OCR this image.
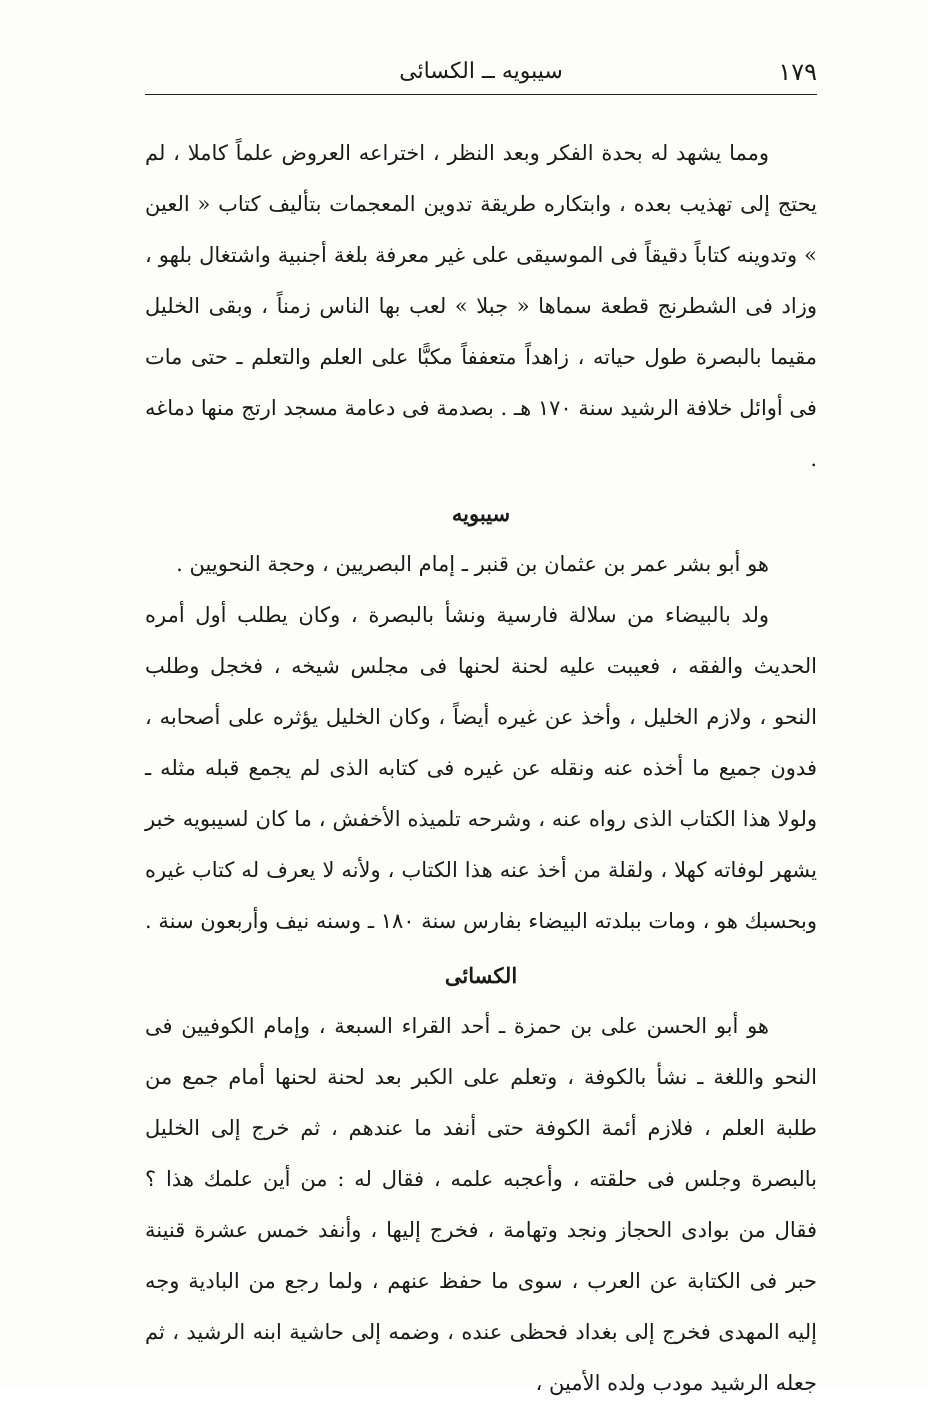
١٧٩
سيبويه ــ الكسائى

ومما يشهد له بحدة الفكر وبعد النظر ، اختراعه العروض علماً كاملا ، لم يحتج إلى تهذيب بعده ، وابتكاره طريقة تدوين المعجمات بتأليف كتاب « العين » وتدوينه كتاباً دقيقاً فى الموسيقى على غير معرفة بلغة أجنبية واشتغال بلهو ، وزاد فى الشطرنج قطعة سماها « جبلا » لعب بها الناس زمناً ، وبقى الخليل مقيما بالبصرة طول حياته ، زاهداً متعففاً مكبًّا على العلم والتعلم ـ حتى مات فى أوائل خلافة الرشيد سنة ١٧٠ هـ . بصدمة فى دعامة مسجد ارتج منها دماغه .

سيبويه

هو أبو بشر عمر بن عثمان بن قنبر ـ إمام البصريين ، وحجة النحويين .

ولد بالبيضاء من سلالة فارسية ونشأ بالبصرة ، وكان يطلب أول أمره الحديث والفقه ، فعيبت عليه لحنة لحنها فى مجلس شيخه ، فخجل وطلب النحو ، ولازم الخليل ، وأخذ عن غيره أيضاً ، وكان الخليل يؤثره على أصحابه ، فدون جميع ما أخذه عنه ونقله عن غيره فى كتابه الذى لم يجمع قبله مثله ـ ولولا هذا الكتاب الذى رواه عنه ، وشرحه تلميذه الأخفش ، ما كان لسيبويه خبر يشهر لوفاته كهلا ، ولقلة من أخذ عنه هذا الكتاب ، ولأنه لا يعرف له كتاب غيره وبحسبك هو ، ومات ببلدته البيضاء بفارس سنة ١٨٠ ـ وسنه نيف وأربعون سنة .

الكسائى

هو أبو الحسن على بن حمزة ـ أحد القراء السبعة ، وإمام الكوفيين فى النحو واللغة ـ نشأ بالكوفة ، وتعلم على الكبر بعد لحنة لحنها أمام جمع من طلبة العلم ، فلازم أئمة الكوفة حتى أنفد ما عندهم ، ثم خرج إلى الخليل بالبصرة وجلس فى حلقته ، وأعجبه علمه ، فقال له : من أين علمك هذا ؟ فقال من بوادى الحجاز ونجد وتهامة ، فخرج إليها ، وأنفد خمس عشرة قنينة حبر فى الكتابة عن العرب ، سوى ما حفظ عنهم ، ولما رجع من البادية وجه إليه المهدى فخرج إلى بغداد فحظى عنده ، وضمه إلى حاشية ابنه الرشيد ، ثم جعله الرشيد مودب ولده الأمين ،
